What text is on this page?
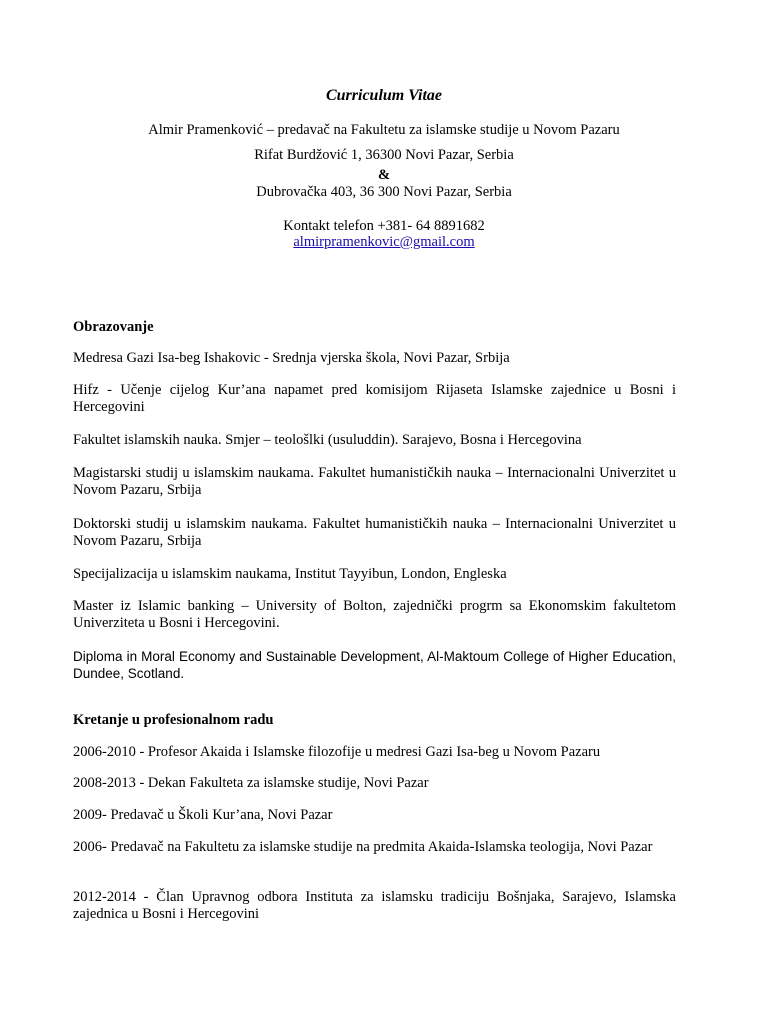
Curriculum Vitae
Almir Pramenković – predavač na Fakultetu za islamske studije u Novom Pazaru
Rifat Burdžović 1, 36300 Novi Pazar, Serbia
&
Dubrovačka 403, 36 300 Novi Pazar, Serbia
Kontakt telefon +381- 64 8891682
almirpramenkovic@gmail.com
Obrazovanje
Medresa Gazi Isa-beg Ishakovic - Srednja vjerska škola, Novi Pazar, Srbija
Hifz - Učenje cijelog Kur’ana napamet pred komisijom Rijaseta Islamske zajednice u Bosni i Hercegovini
Fakultet islamskih nauka. Smjer – teološlki (usuluddin). Sarajevo, Bosna i Hercegovina
Magistarski studij u islamskim naukama. Fakultet humanističkih nauka – Internacionalni Univerzitet u Novom Pazaru, Srbija
Doktorski studij u islamskim naukama. Fakultet humanističkih nauka – Internacionalni Univerzitet u Novom Pazaru, Srbija
Specijalizacija u islamskim naukama, Institut Tayyibun, London, Engleska
Master iz Islamic banking – University of Bolton, zajednički progrm sa Ekonomskim fakultetom Univerziteta u Bosni i Hercegovini.
Diploma in Moral Economy and Sustainable Development, Al-Maktoum College of Higher Education, Dundee, Scotland.
Kretanje u profesionalnom radu
2006-2010 - Profesor Akaida i Islamske filozofije u medresi Gazi Isa-beg u Novom Pazaru
2008-2013 - Dekan Fakulteta za islamske studije, Novi Pazar
2009- Predavač u Školi Kur’ana, Novi Pazar
2006- Predavač na Fakultetu za islamske studije na predmita Akaida-Islamska teologija, Novi Pazar
2012-2014 - Član Upravnog odbora Instituta za islamsku tradiciju Bošnjaka, Sarajevo, Islamska zajednica u Bosni i Hercegovini
